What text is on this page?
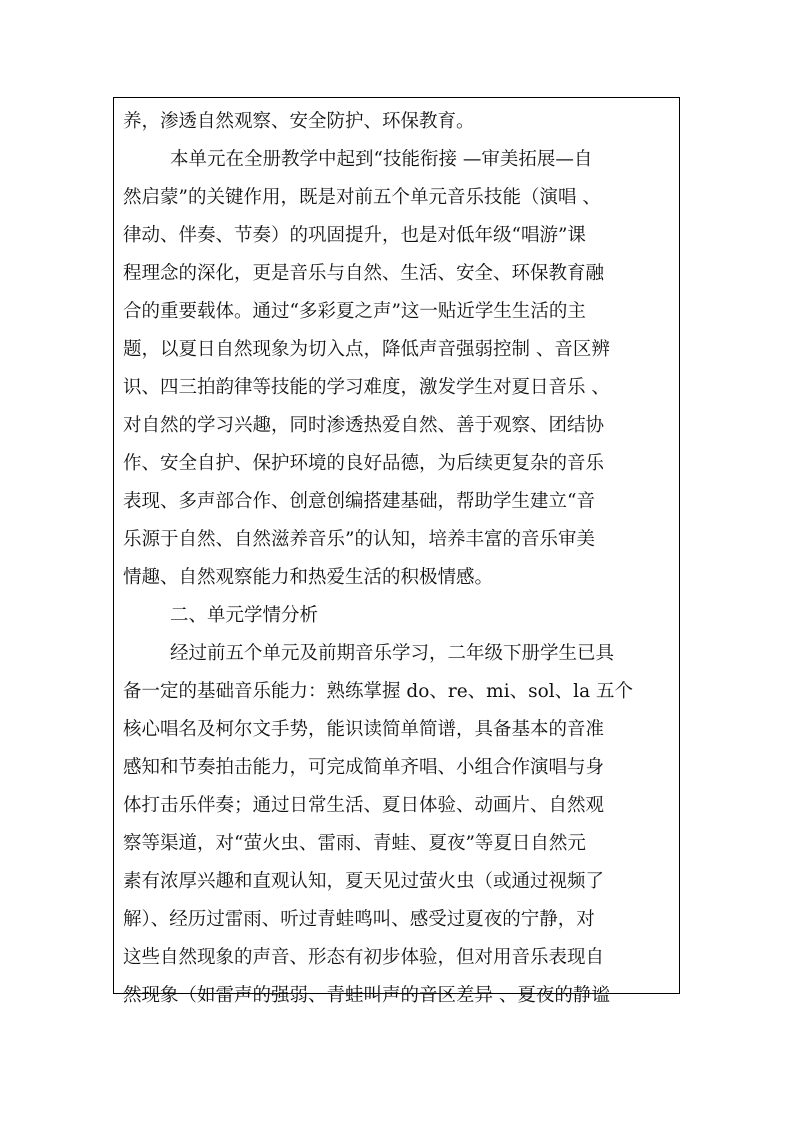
养，渗透自然观察、安全防护、环保教育。
本单元在全册教学中起到“技能衔接 —审美拓展—自
然启蒙”的关键作用，既是对前五个单元音乐技能（演唱 、
律动、伴奏、节奏）的巩固提升，也是对低年级“唱游”课
程理念的深化，更是音乐与自然、生活、安全、环保教育融
合的重要载体。通过“多彩夏之声”这一贴近学生生活的主
题，以夏日自然现象为切入点，降低声音强弱控制 、音区辨
识、四三拍韵律等技能的学习难度，激发学生对夏日音乐 、
对自然的学习兴趣，同时渗透热爱自然、善于观察、团结协
作、安全自护、保护环境的良好品德，为后续更复杂的音乐
表现、多声部合作、创意创编搭建基础，帮助学生建立“音
乐源于自然、自然滋养音乐”的认知，培养丰富的音乐审美
情趣、自然观察能力和热爱生活的积极情感。
二、单元学情分析
经过前五个单元及前期音乐学习，二年级下册学生已具
备一定的基础音乐能力：熟练掌握 do、re、mi、sol、la 五个
核心唱名及柯尔文手势，能识读简单简谱，具备基本的音准
感知和节奏拍击能力，可完成简单齐唱、小组合作演唱与身
体打击乐伴奏；通过日常生活、夏日体验、动画片、自然观
察等渠道，对“萤火虫、雷雨、青蛙、夏夜”等夏日自然元
素有浓厚兴趣和直观认知，夏天见过萤火虫（或通过视频了
解）、经历过雷雨、听过青蛙鸣叫、感受过夏夜的宁静，对
这些自然现象的声音、形态有初步体验，但对用音乐表现自
然现象（如雷声的强弱、青蛙叫声的音区差异 、夏夜的静谧
